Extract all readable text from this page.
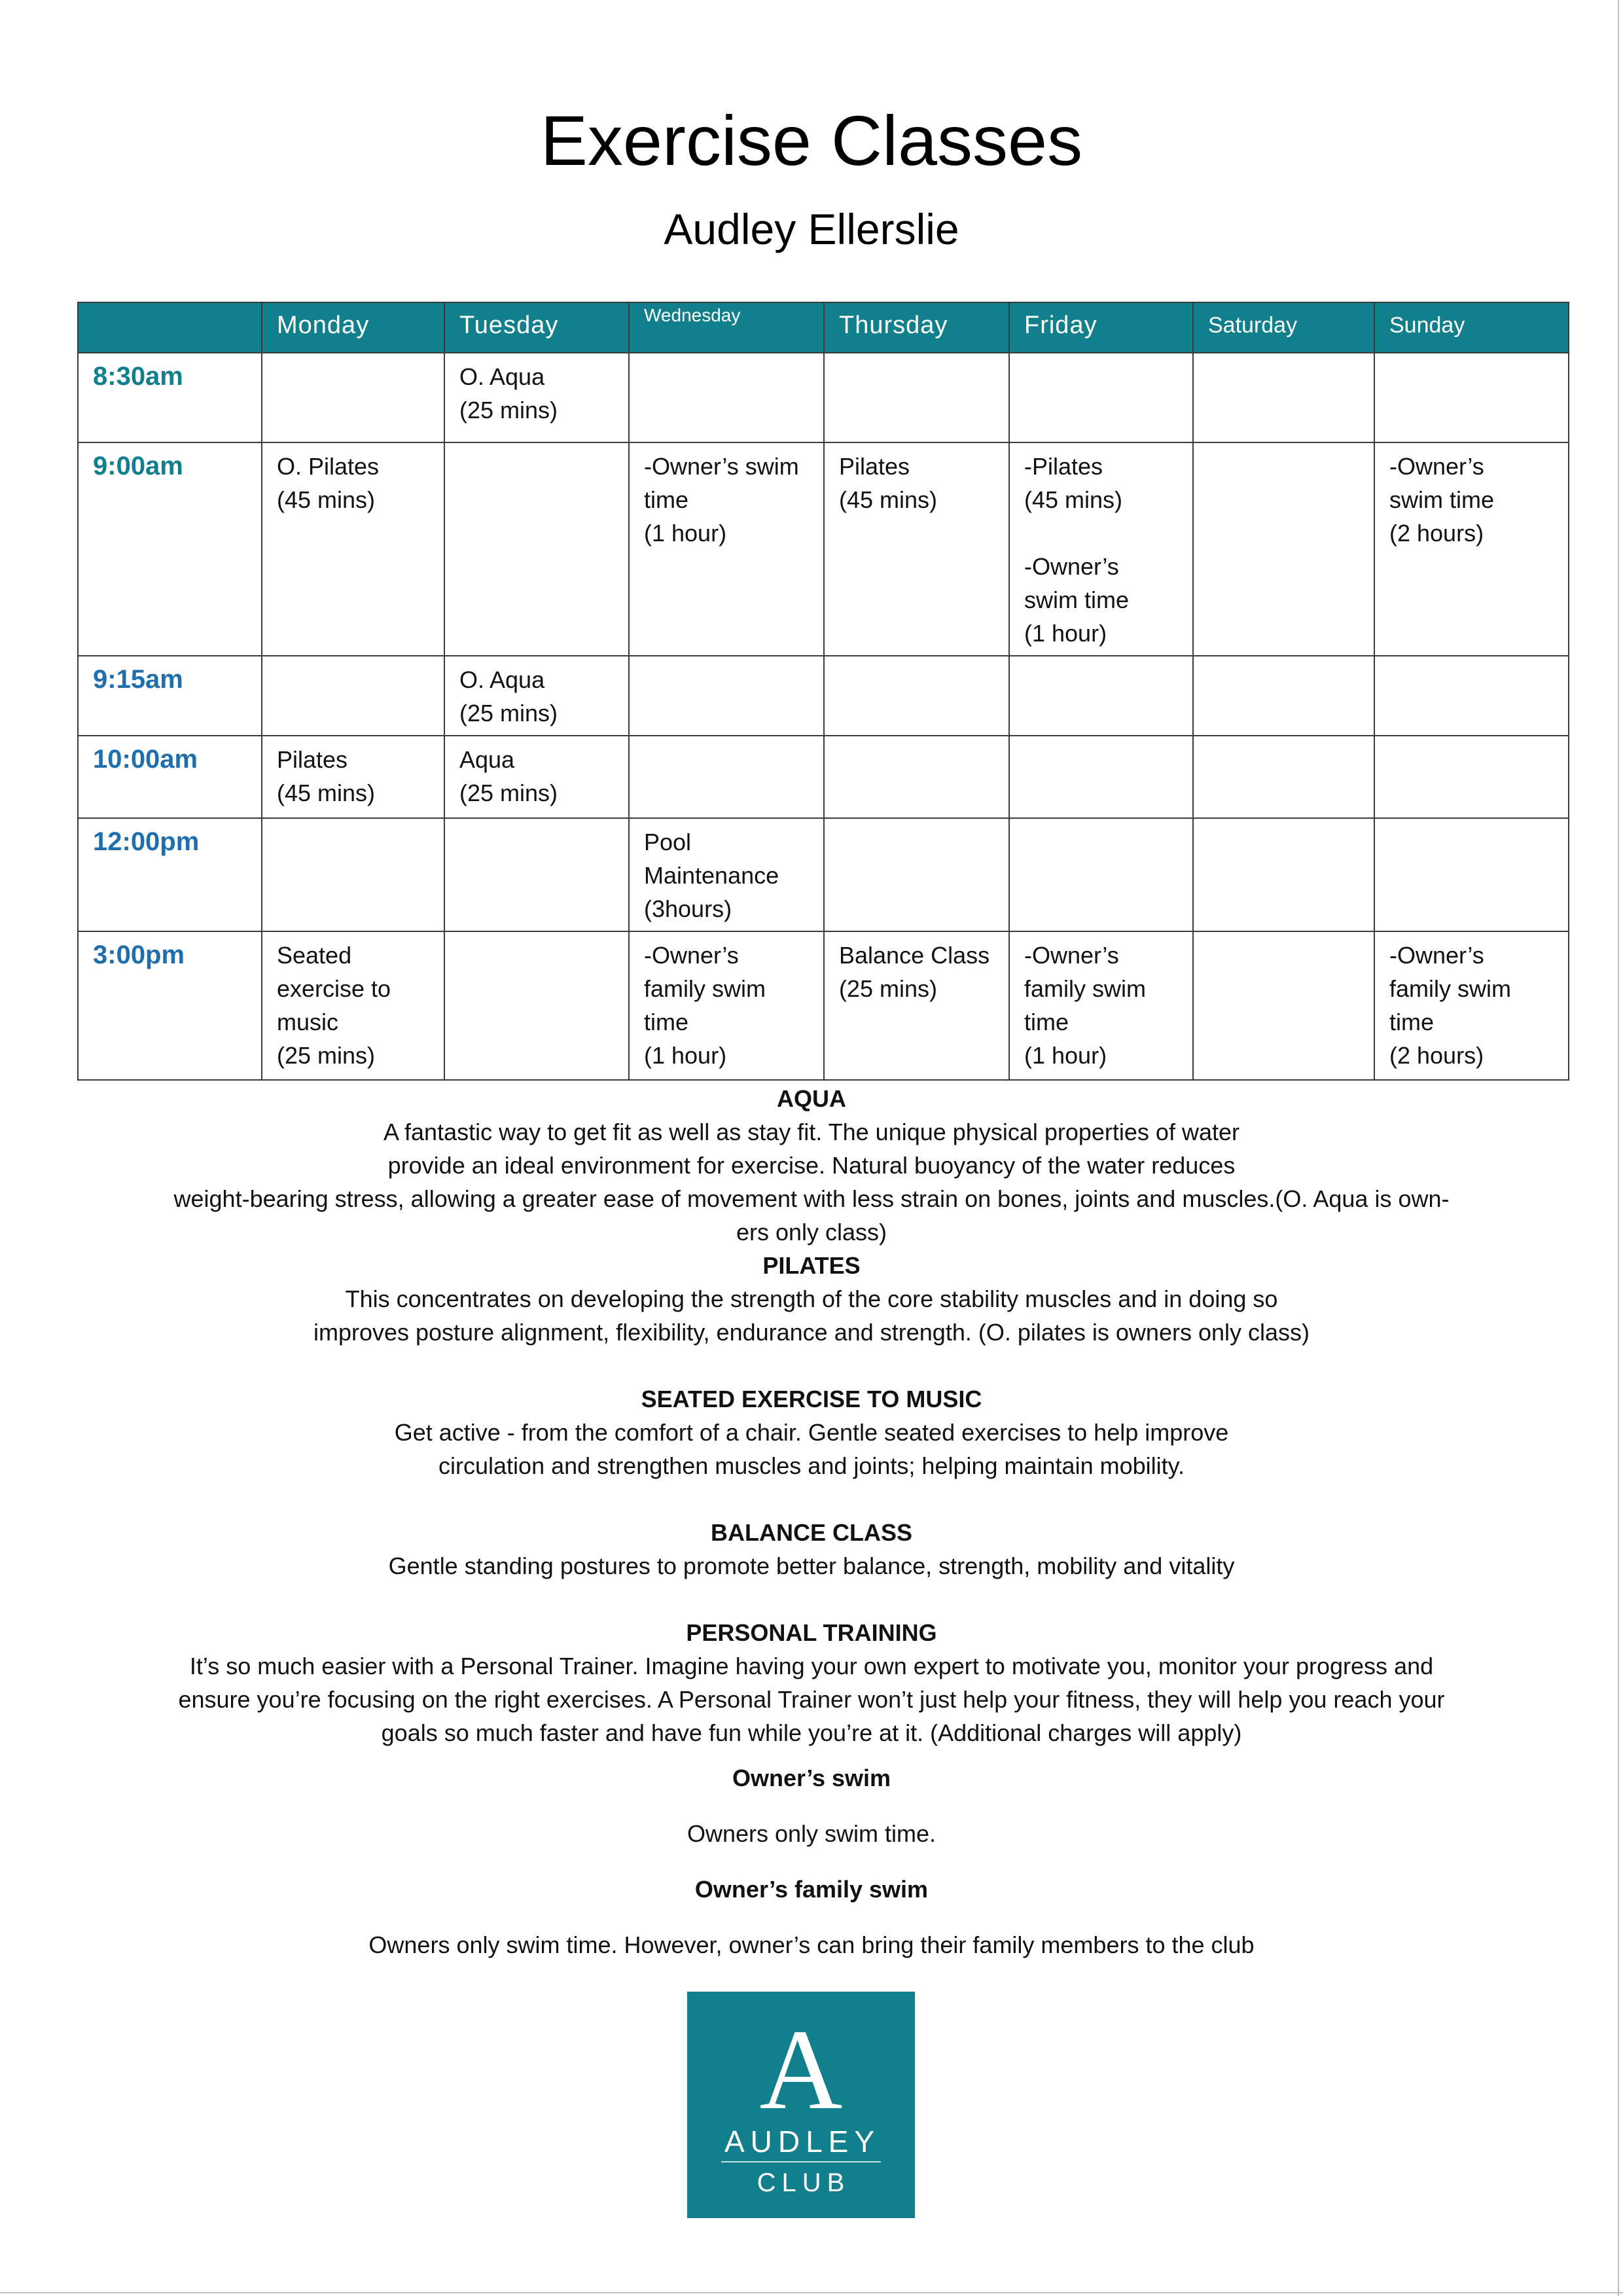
Exercise Classes
Audley Ellerslie
	Monday	Tuesday	Wednesday	Thursday	Friday	Saturday	Sunday
8:30am		O. Aqua
(25 mins)					
9:00am	O. Pilates
(45 mins)		-Owner’s swim
time
(1 hour)	Pilates
(45 mins)	-Pilates
(45 mins)

-Owner’s
swim time
(1 hour)		-Owner’s
swim time
(2 hours)
9:15am		O. Aqua
(25 mins)					
10:00am	Pilates
(45 mins)	Aqua
(25 mins)					
12:00pm			Pool
Maintenance
(3hours)				
3:00pm	Seated
exercise to
music
(25 mins)		-Owner’s
family swim
time
(1 hour)	Balance Class
(25 mins)	-Owner’s
family swim
time
(1 hour)		-Owner’s
family swim
time
(2 hours)
AQUA
A fantastic way to get fit as well as stay fit. The unique physical properties of water
provide an ideal environment for exercise. Natural buoyancy of the water reduces
weight-bearing stress, allowing a greater ease of movement with less strain on bones, joints and muscles.(O. Aqua is own-
ers only class)
PILATES
This concentrates on developing the strength of the core stability muscles and in doing so
improves posture alignment, flexibility, endurance and strength. (O. pilates is owners only class)
SEATED EXERCISE TO MUSIC
Get active - from the comfort of a chair. Gentle seated exercises to help improve
circulation and strengthen muscles and joints; helping maintain mobility.
BALANCE CLASS
Gentle standing postures to promote better balance, strength, mobility and vitality
PERSONAL TRAINING
It’s so much easier with a Personal Trainer. Imagine having your own expert to motivate you, monitor your progress and
ensure you’re focusing on the right exercises. A Personal Trainer won’t just help your fitness, they will help you reach your
goals so much faster and have fun while you’re at it. (Additional charges will apply)
Owner’s swim
Owners only swim time.
Owner’s family swim
Owners only swim time. However, owner’s can bring their family members to the club
A
AUDLEY
CLUB
